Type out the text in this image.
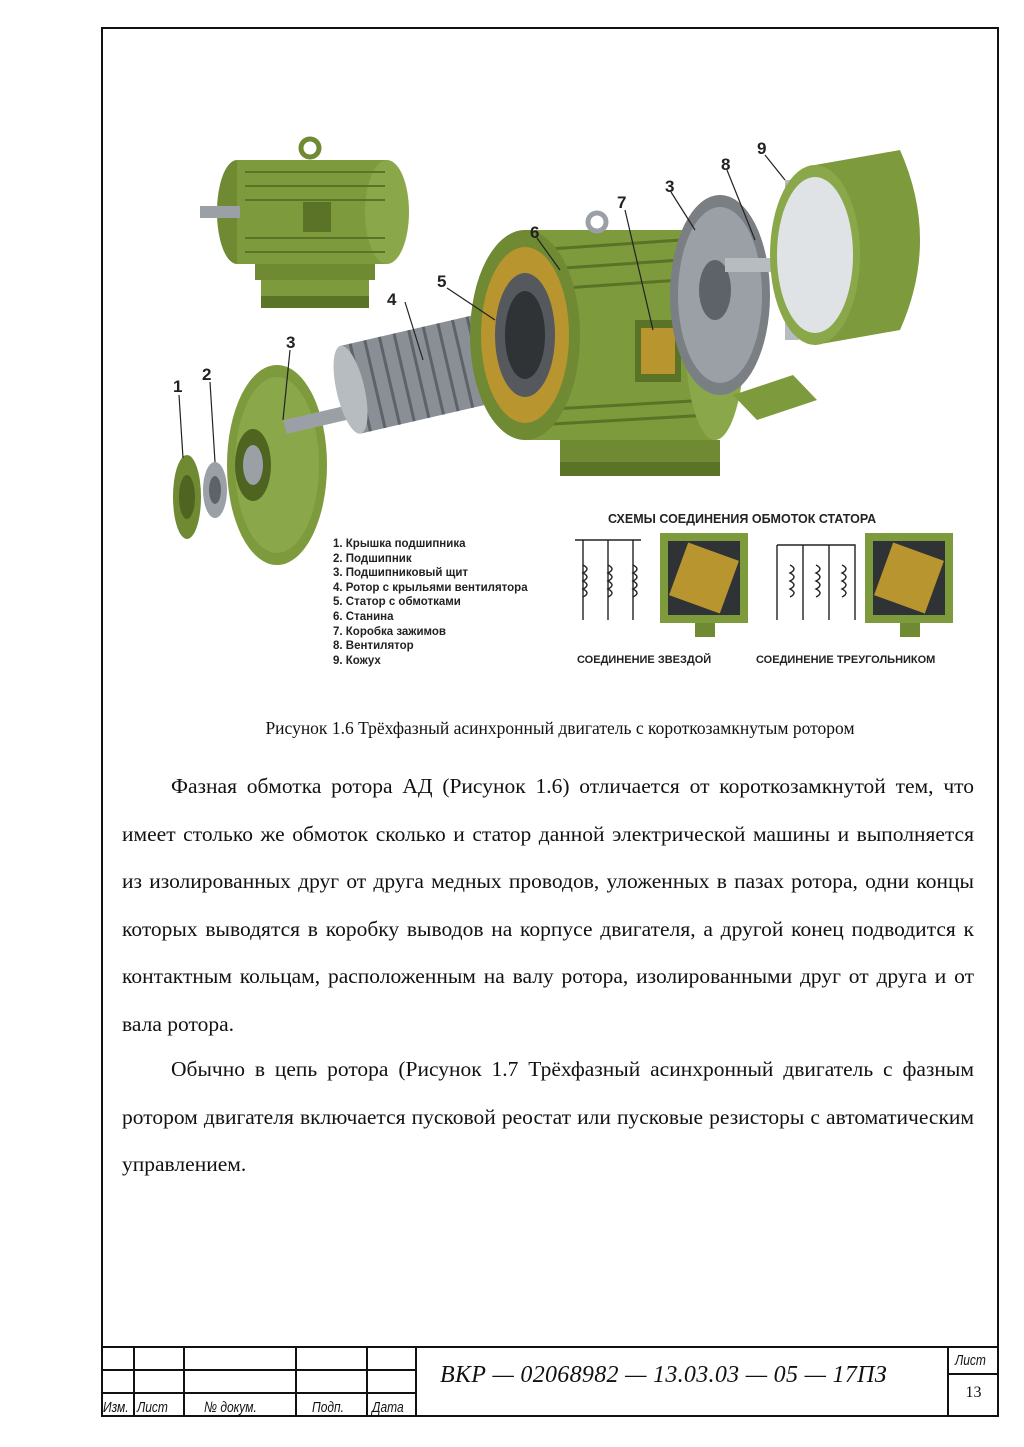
1
2
3
4
5
6
7
3
8
9
1. Крышка подшипника
2. Подшипник
3. Подшипниковый щит
4. Ротор с крыльями вентилятора
5. Статор с обмотками
6. Станина
7. Коробка зажимов
8. Вентилятор
9. Кожух
СХЕМЫ СОЕДИНЕНИЯ ОБМОТОК СТАТОРА
СОЕДИНЕНИЕ ЗВЕЗДОЙ	СОЕДИНЕНИЕ ТРЕУГОЛЬНИКОМ
Рисунок 1.6 Трёхфазный асинхронный двигатель с короткозамкнутым ротором
Фазная обмотка ротора АД (Рисунок 1.6) отличается от короткозамкнутой тем, что имеет столько же обмоток сколько и статор данной электрической машины и выполняется из изолированных друг от друга медных проводов, уложенных в пазах ротора, одни концы которых выводятся в коробку выводов на корпусе двигателя, а другой конец подводится к контактным кольцам, расположенным на валу ротора, изолированными друг от друга и от вала ротора.
Обычно в цепь ротора (Рисунок 1.7 Трёхфазный асинхронный двигатель с фазным ротором двигателя включается пусковой реостат или пусковые резисторы с автоматическим управлением.
ВКР — 02068982 — 13.03.03 — 05 — 17ПЗ
Изм. Лист № докум.	Подп. Дата
Лист
13
